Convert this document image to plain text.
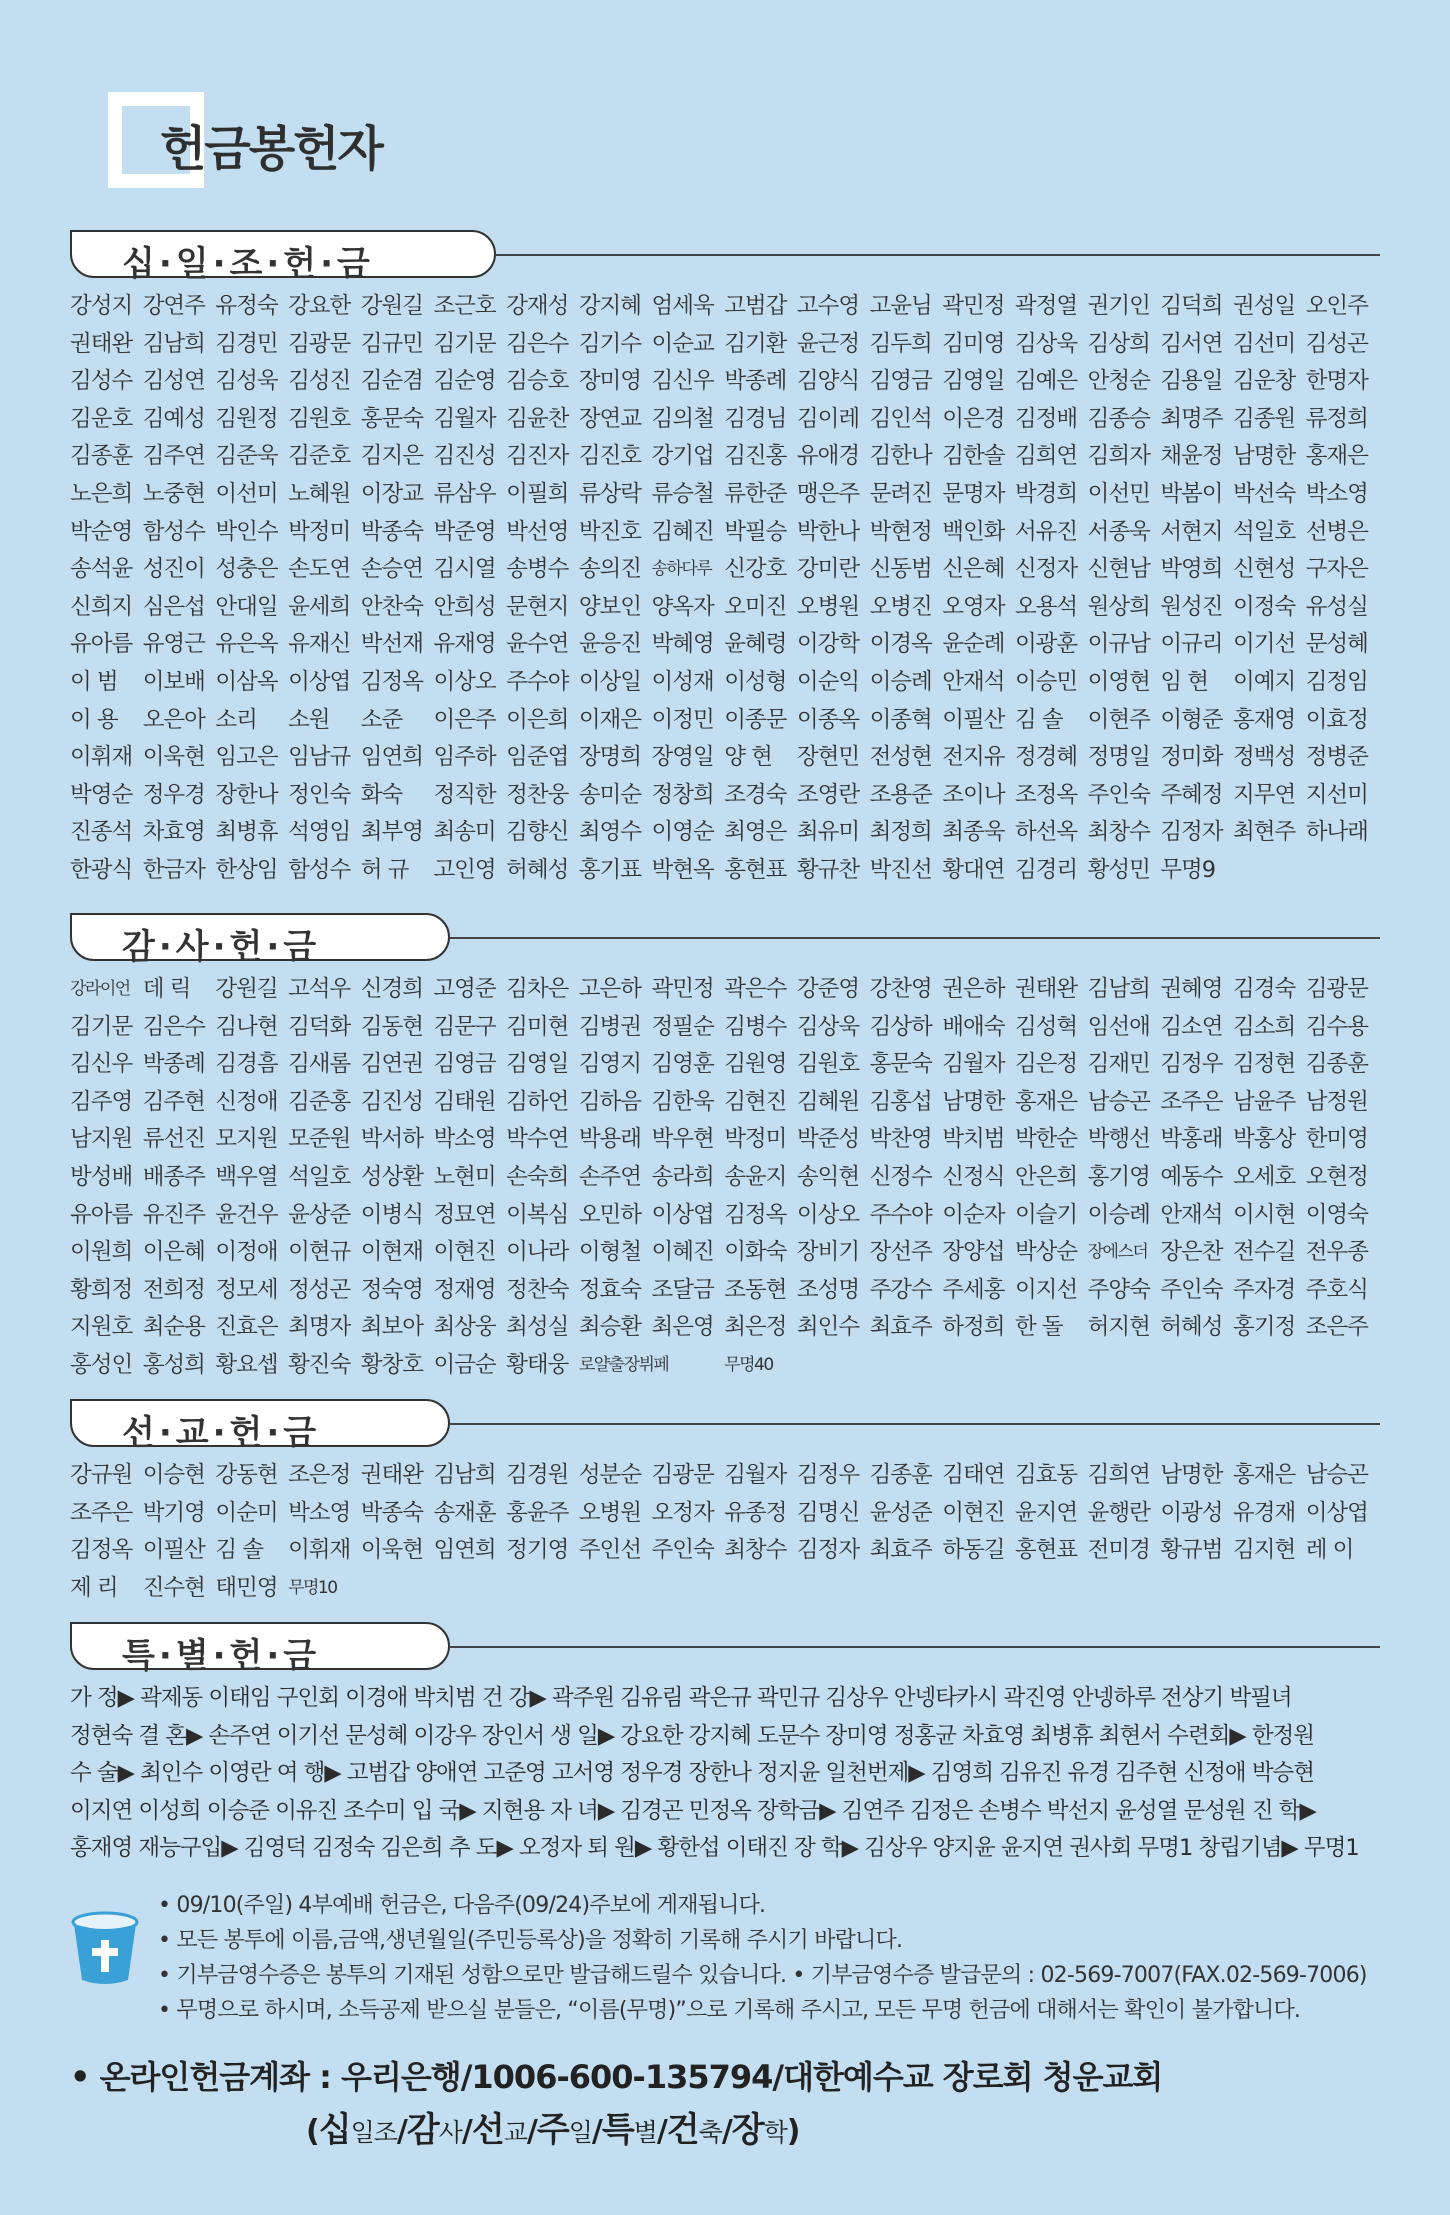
헌금봉헌자
십·일·조·헌·금
강성지 강연주 유정숙 강요한 강원길 조근호 강재성 강지혜 엄세욱 고범갑 고수영 고윤님 곽민정 곽정열 권기인 김덕희 권성일 오인주
권태완 김남희 김경민 김광문 김규민 김기문 김은수 김기수 이순교 김기환 윤근정 김두희 김미영 김상욱 김상희 김서연 김선미 김성곤
김성수 김성연 김성욱 김성진 김순겸 김순영 김승호 장미영 김신우 박종례 김양식 김영금 김영일 김예은 안청순 김용일 김운창 한명자
김운호 김예성 김원정 김원호 홍문숙 김월자 김윤찬 장연교 김의철 김경님 김이레 김인석 이은경 김정배 김종승 최명주 김종원 류정희
김종훈 김주연 김준욱 김준호 김지은 김진성 김진자 김진호 강기업 김진홍 유애경 김한나 김한솔 김희연 김희자 채윤정 남명한 홍재은
노은희 노중현 이선미 노혜원 이장교 류삼우 이필희 류상락 류승철 류한준 맹은주 문려진 문명자 박경희 이선민 박봄이 박선숙 박소영
박순영 함성수 박인수 박정미 박종숙 박준영 박선영 박진호 김혜진 박필승 박한나 박현정 백인화 서유진 서종욱 서현지 석일호 선병은
송석윤 성진이 성충은 손도연 손승연 김시열 송병수 송의진 송하다루 신강호 강미란 신동범 신은혜 신정자 신현남 박영희 신현성 구자은
신희지 심은섭 안대일 윤세희 안찬숙 안희성 문현지 양보인 양옥자 오미진 오병원 오병진 오영자 오용석 원상희 원성진 이정숙 유성실
유아름 유영근 유은옥 유재신 박선재 유재영 윤수연 윤응진 박혜영 윤혜령 이강학 이경옥 윤순례 이광훈 이규남 이규리 이기선 문성혜
이 범	이보배 이삼옥 이상엽 김정옥 이상오 주수야 이상일 이성재 이성형 이순익 이승례 안재석 이승민 이영현 임 현	이예지 김정임
이 용	오은아 소리	소원	소준	이은주 이은희 이재은 이정민 이종문 이종옥 이종혁 이필산 김 솔	이현주 이형준 홍재영 이효정
이휘재 이욱현 임고은 임남규 임연희 임주하 임준엽 장명희 장영일 양 현	장현민 전성현 전지유 정경혜 정명일 정미화 정백성 정병준
박영순 정우경 장한나 정인숙 화숙	정직한 정찬웅 송미순 정창희 조경숙 조영란 조용준 조이나 조정옥 주인숙 주혜정 지무연 지선미
진종석 차효영 최병휴 석영임 최부영 최송미 김향신 최영수 이영순 최영은 최유미 최정희 최종욱 하선옥 최창수 김정자 최현주 하나래
한광식 한금자 한상임 함성수 허 규	고인영 허혜성 홍기표 박현옥 홍현표 황규찬 박진선 황대연 김경리 황성민 무명9
감·사·헌·금
강라이언 데 릭	강원길 고석우 신경희 고영준 김차은 고은하 곽민정 곽은수 강준영 강찬영 권은하 권태완 김남희 권혜영 김경숙 김광문
김기문 김은수 김나현 김덕화 김동현 김문구 김미현 김병권 정필순 김병수 김상욱 김상하 배애숙 김성혁 임선애 김소연 김소희 김수용
김신우 박종례 김경흠 김새롬 김연권 김영금 김영일 김영지 김영훈 김원영 김원호 홍문숙 김월자 김은정 김재민 김정우 김정현 김종훈
김주영 김주현 신정애 김준홍 김진성 김태원 김하언 김하음 김한욱 김현진 김혜원 김홍섭 남명한 홍재은 남승곤 조주은 남윤주 남정원
남지원 류선진 모지원 모준원 박서하 박소영 박수연 박용래 박우현 박정미 박준성 박찬영 박치범 박한순 박행선 박홍래 박홍상 한미영
방성배 배종주 백우열 석일호 성상환 노현미 손숙희 손주연 송라희 송윤지 송익현 신정수 신정식 안은희 홍기영 예동수 오세호 오현정
유아름 유진주 윤건우 윤상준 이병식 정묘연 이복심 오민하 이상엽 김정옥 이상오 주수야 이순자 이슬기 이승례 안재석 이시현 이영숙
이원희 이은혜 이정애 이현규 이현재 이현진 이나라 이형철 이혜진 이화숙 장비기 장선주 장양섭 박상순 장에스더 장은찬 전수길 전우종
황희정 전희정 정모세 정성곤 정숙영 정재영 정찬숙 정효숙 조달금 조동현 조성명 주강수 주세홍 이지선 주양숙 주인숙 주자경 주호식
지원호 최순용 진효은 최명자 최보아 최상웅 최성실 최승환 최은영 최은정 최인수 최효주 하정희 한 돌	허지현 허혜성 홍기정 조은주
홍성인 홍성희 황요셉 황진숙 황창호 이금순 황태웅 로얄출장뷔페	무명40
선·교·헌·금
강규원 이승현 강동현 조은정 권태완 김남희 김경원 성분순 김광문 김월자 김정우 김종훈 김태연 김효동 김희연 남명한 홍재은 남승곤
조주은 박기영 이순미 박소영 박종숙 송재훈 홍윤주 오병원 오정자 유종정 김명신 윤성준 이현진 윤지연 윤행란 이광성 유경재 이상엽
김정옥 이필산 김 솔	이휘재 이욱현 임연희 정기영 주인선 주인숙 최창수 김정자 최효주 하동길 홍현표 전미경 황규범 김지현 레 이
제 리	진수현 태민영 무명10
특·별·헌·금
가 정▶ 곽제동 이태임 구인회 이경애 박치범 건 강▶ 곽주원 김유림 곽은규 곽민규 김상우 안넹타카시 곽진영 안넹하루 전상기 박필녀
정현숙 결 혼▶ 손주연 이기선 문성혜 이강우 장인서 생 일▶ 강요한 강지혜 도문수 장미영 정홍균 차효영 최병휴 최현서 수련회▶ 한정원
수 술▶ 최인수 이영란 여 행▶ 고범갑 양애연 고준영 고서영 정우경 장한나 정지윤 일천번제▶ 김영희 김유진 유경 김주현 신정애 박승현
이지연 이성희 이승준 이유진 조수미 입 국▶ 지현용 자 녀▶ 김경곤 민정옥 장학금▶ 김연주 김정은 손병수 박선지 윤성열 문성원 진 학▶
홍재영 재능구입▶ 김영덕 김정숙 김은희 추 도▶ 오정자 퇴 원▶ 황한섭 이태진 장 학▶ 김상우 양지윤 윤지연 권사회 무명1 창립기념▶ 무명1
• 09/10(주일) 4부예배 헌금은, 다음주(09/24)주보에 게재됩니다.
• 모든 봉투에 이름,금액,생년월일(주민등록상)을 정확히 기록해 주시기 바랍니다.
• 기부금영수증은 봉투의 기재된 성함으로만 발급해드릴수 있습니다. • 기부금영수증 발급문의 : 02-569-7007(FAX.02-569-7006)
• 무명으로 하시며, 소득공제 받으실 분들은, “이름(무명)”으로 기록해 주시고, 모든 무명 헌금에 대해서는 확인이 불가합니다.
• 온라인헌금계좌 : 우리은행/1006-600-135794/대한예수교 장로회 청운교회
(십일조/감사/선교/주일/특별/건축/장학)
